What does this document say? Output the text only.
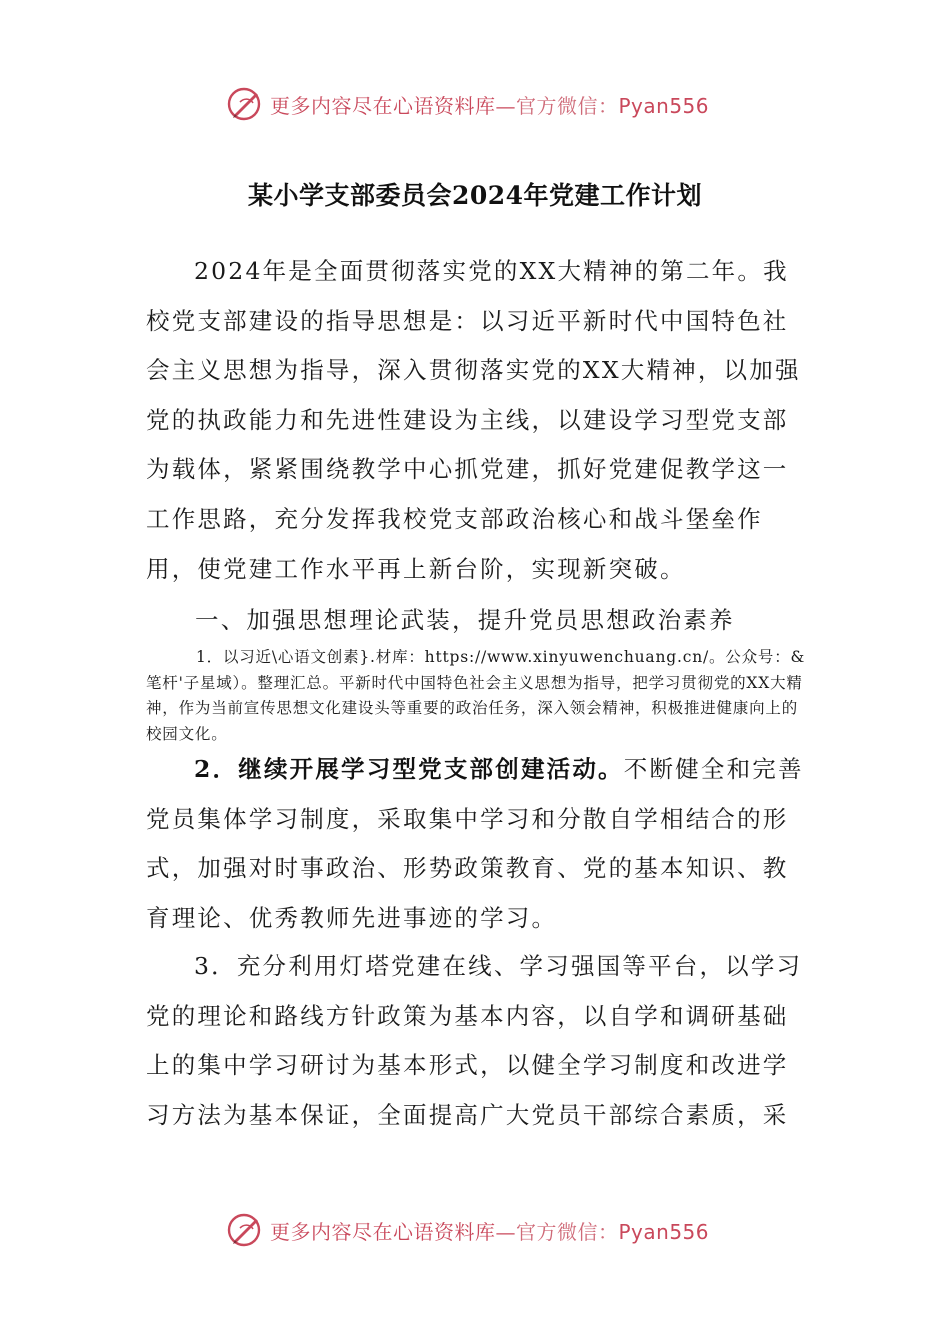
更多内容尽在心语资料库—官方微信：Pyan556
某小学支部委员会2024年党建工作计划

2024年是全面贯彻落实党的XX大精神的第二年。我校党支部建设的指导思想是：以习近平新时代中国特色社会主义思想为指导，深入贯彻落实党的XX大精神，以加强党的执政能力和先进性建设为主线，以建设学习型党支部为载体，紧紧围绕教学中心抓党建，抓好党建促教学这一工作思路，充分发挥我校党支部政治核心和战斗堡垒作用，使党建工作水平再上新台阶，实现新突破。

一、加强思想理论武装，提升党员思想政治素养

1．以习近\心语文创素}.材库：https://www.xinyuwenchuang.cn/。公众号：&笔杆'子星域）。整理汇总。平新时代中国特色社会主义思想为指导，把学习贯彻党的XX大精神，作为当前宣传思想文化建设头等重要的政治任务，深入领会精神，积极推进健康向上的校园文化。

2．继续开展学习型党支部创建活动。不断健全和完善党员集体学习制度，采取集中学习和分散自学相结合的形式，加强对时事政治、形势政策教育、党的基本知识、教育理论、优秀教师先进事迹的学习。

3．充分利用灯塔党建在线、学习强国等平台，以学习党的理论和路线方针政策为基本内容，以自学和调研基础上的集中学习研讨为基本形式，以健全学习制度和改进学习方法为基本保证，全面提高广大党员干部综合素质，采

更多内容尽在心语资料库—官方微信：Pyan556
